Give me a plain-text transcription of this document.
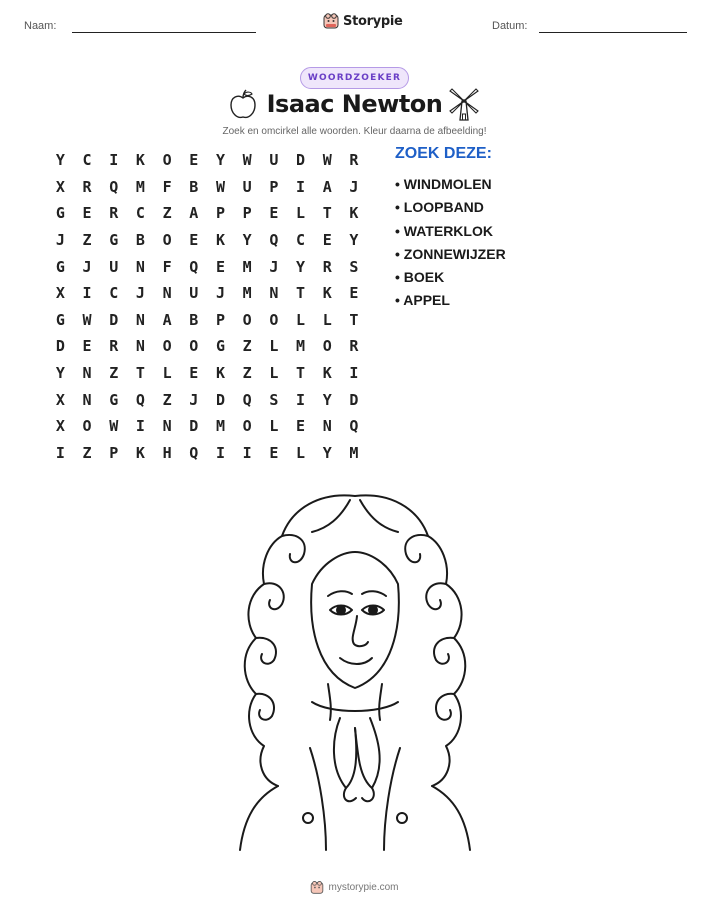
Naam:	Datum:
Storypie
WOORDZOEKER
Isaac Newton
Zoek en omcirkel alle woorden. Kleur daarna de afbeelding!
Y	C	I	K	O	E	Y	W	U	D	W	R
X	R	Q	M	F	B	W	U	P	I	A	J
G	E	R	C	Z	A	P	P	E	L	T	K
J	Z	G	B	O	E	K	Y	Q	C	E	Y
G	J	U	N	F	Q	E	M	J	Y	R	S
X	I	C	J	N	U	J	M	N	T	K	E
G	W	D	N	A	B	P	O	O	L	L	T
D	E	R	N	O	O	G	Z	L	M	O	R
Y	N	Z	T	L	E	K	Z	L	T	K	I
X	N	G	Q	Z	J	D	Q	S	I	Y	D
X	O	W	I	N	D	M	O	L	E	N	Q
I	Z	P	K	H	Q	I	I	E	L	Y	M
ZOEK DEZE:
• WINDMOLEN
• LOOPBAND
• WATERKLOK
• ZONNEWIJZER
• BOEK
• APPEL
mystorypie.com
